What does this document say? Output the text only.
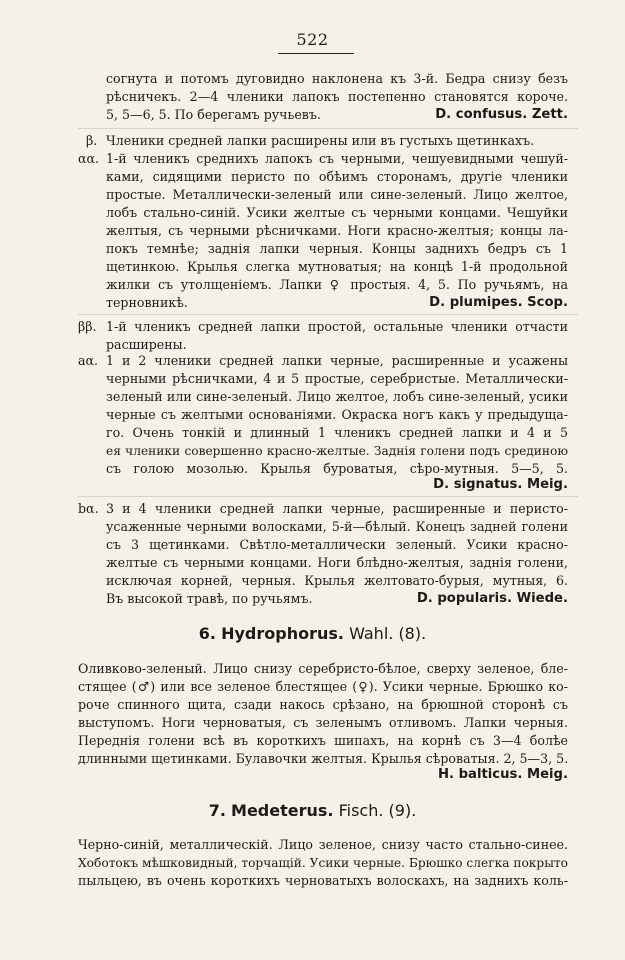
522
согнута и потомъ дуговидно наклонена къ 3-й. Бедра снизу безъ
рѣсничекъ. 2—4 членики лапокъ постепенно становятся короче.
5, 5—6, 5. По берегамъ ручьевъ.	D. confusus. Zett.
β. Членики средней лапки расширены или въ густыхъ щетинкахъ.
αα. 1-й членикъ среднихъ лапокъ съ черными, чешуевидными чешуй-
ками, сидящими перисто по обѣимъ сторонамъ, другіе членики
простые. Металлически-зеленый или сине-зеленый. Лицо желтое,
лобъ стально-синій. Усики желтые съ черными концами. Чешуйки
желтыя, съ черными рѣсничками. Ноги красно-желтыя; концы ла-
покъ темнѣе; заднія лапки черныя. Концы заднихъ бедръ съ 1
щетинкою. Крылья слегка мутноватыя; на концѣ 1-й продольной
жилки съ утолщеніемъ. Лапки ♀ простыя. 4, 5. По ручьямъ, на
терновникѣ.	D. plumipes. Scop.
ββ. 1-й членикъ средней лапки простой, остальные членики отчасти
расширены.
aα. 1 и 2 членики средней лапки черные, расширенные и усажены
черными рѣсничками, 4 и 5 простые, серебристые. Металлически-
зеленый или сине-зеленый. Лицо желтое, лобъ сине-зеленый, усики
черные съ желтыми основаніями. Окраска ногъ какъ у предыдуща-
го. Очень тонкій и длинный 1 членикъ средней лапки и 4 и 5
ея членики совершенно красно-желтые. Заднія голени подъ срединою
съ голою мозолью. Крылья буроватыя, сѣро-мутныя. 5—5, 5.
D. signatus. Meig.
bα. 3 и 4 членики средней лапки черные, расширенные и перисто-
усаженные черными волосками, 5-й—бѣлый. Конецъ задней голени
съ 3 щетинками. Свѣтло-металлически зеленый. Усики красно-
желтые съ черными концами. Ноги блѣдно-желтыя, заднія голени,
исключая корней, черныя. Крылья желтовато-бурыя, мутныя, 6.
Въ высокой травѣ, по ручьямъ.	D. popularis. Wiede.
6. Hydrophorus. Wahl. (8).
Оливково-зеленый. Лицо снизу серебристо-бѣлое, сверху зеленое, бле-
стящее (♂) или все зеленое блестящее (♀). Усики черные. Брюшко ко-
роче спинного щита, сзади накось срѣзано, на брюшной сторонѣ съ
выступомъ. Ноги черноватыя, съ зеленымъ отливомъ. Лапки черныя.
Переднія голени всѣ въ короткихъ шипахъ, на корнѣ съ 3—4 болѣе
длинными щетинками. Булавочки желтыя. Крылья сѣроватыя. 2, 5—3, 5.
H. balticus. Meig.
7. Medeterus. Fisch. (9).
Черно-синій, металлическій. Лицо зеленое, снизу часто стально-синее.
Хоботокъ мѣшковидный, торчащій. Усики черные. Брюшко слегка покрыто
пыльцею, въ очень короткихъ черноватыхъ волоскахъ, на заднихъ коль-
